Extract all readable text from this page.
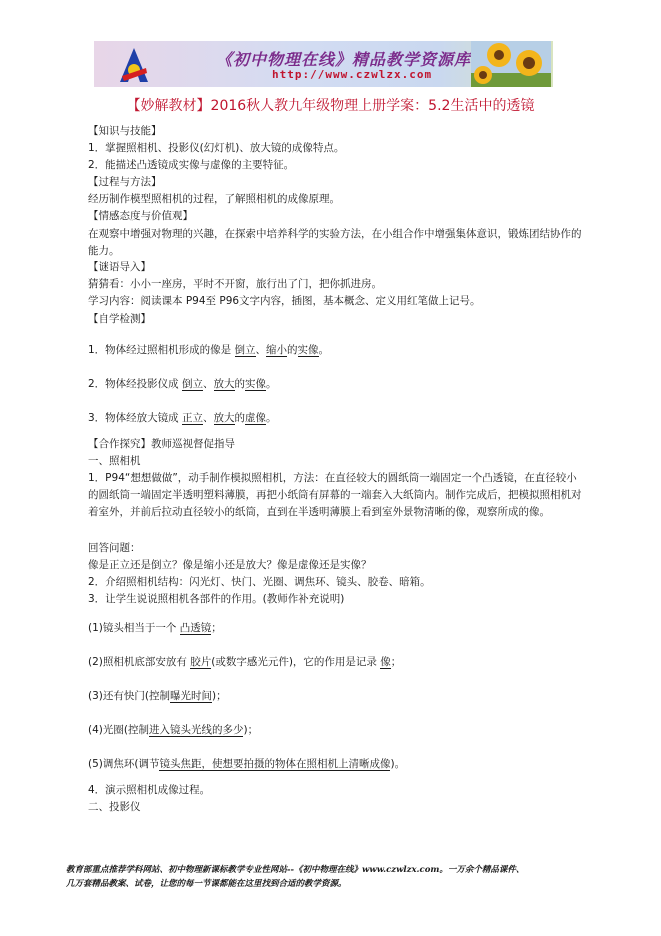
《初中物理在线》精品教学资源库
http://www.czwlzx.com
【妙解教材】2016秋人教九年级物理上册学案：5.2生活中的透镜
【知识与技能】
1．掌握照相机、投影仪(幻灯机)、放大镜的成像特点。
2．能描述凸透镜成实像与虚像的主要特征。
【过程与方法】
经历制作模型照相机的过程，了解照相机的成像原理。
【情感态度与价值观】
在观察中增强对物理的兴趣，在探索中培养科学的实验方法，在小组合作中增强集体意识，锻炼团结协作的能力。
【谜语导入】
猜猜看：小小一座房，平时不开窗，旅行出了门，把你抓进房。
学习内容：阅读课本 P94至 P96文字内容，插图，基本概念、定义用红笔做上记号。
【自学检测】
1．物体经过照相机形成的像是 倒立、缩小的实像。
2．物体经投影仪成 倒立、放大的实像。
3．物体经放大镜成 正立、放大的虚像。
【合作探究】教师巡视督促指导
一、照相机
1．P94“想想做做”，动手制作模拟照相机，方法：在直径较大的圆纸筒一端固定一个凸透镜，在直径较小的圆纸筒一端固定半透明塑料薄膜，再把小纸筒有屏幕的一端套入大纸筒内。制作完成后，把模拟照相机对着室外，并前后拉动直径较小的纸筒，直到在半透明薄膜上看到室外景物清晰的像，观察所成的像。
回答问题：
像是正立还是倒立？像是缩小还是放大？像是虚像还是实像？
2．介绍照相机结构：闪光灯、快门、光圈、调焦环、镜头、胶卷、暗箱。
3．让学生说说照相机各部件的作用。(教师作补充说明)
(1)镜头相当于一个 凸透镜；
(2)照相机底部安放有 胶片(或数字感光元件)，它的作用是记录 像；
(3)还有快门(控制曝光时间)；
(4)光圈(控制进入镜头光线的多少)；
(5)调焦环(调节镜头焦距，使想要拍摄的物体在照相机上清晰成像)。
4．演示照相机成像过程。
二、投影仪
教育部重点推荐学科网站、初中物理新课标教学专业性网站--《初中物理在线》www.czwlzx.com。一万余个精品课件、
几万套精品教案、试卷，让您的每一节课都能在这里找到合适的教学资源。
